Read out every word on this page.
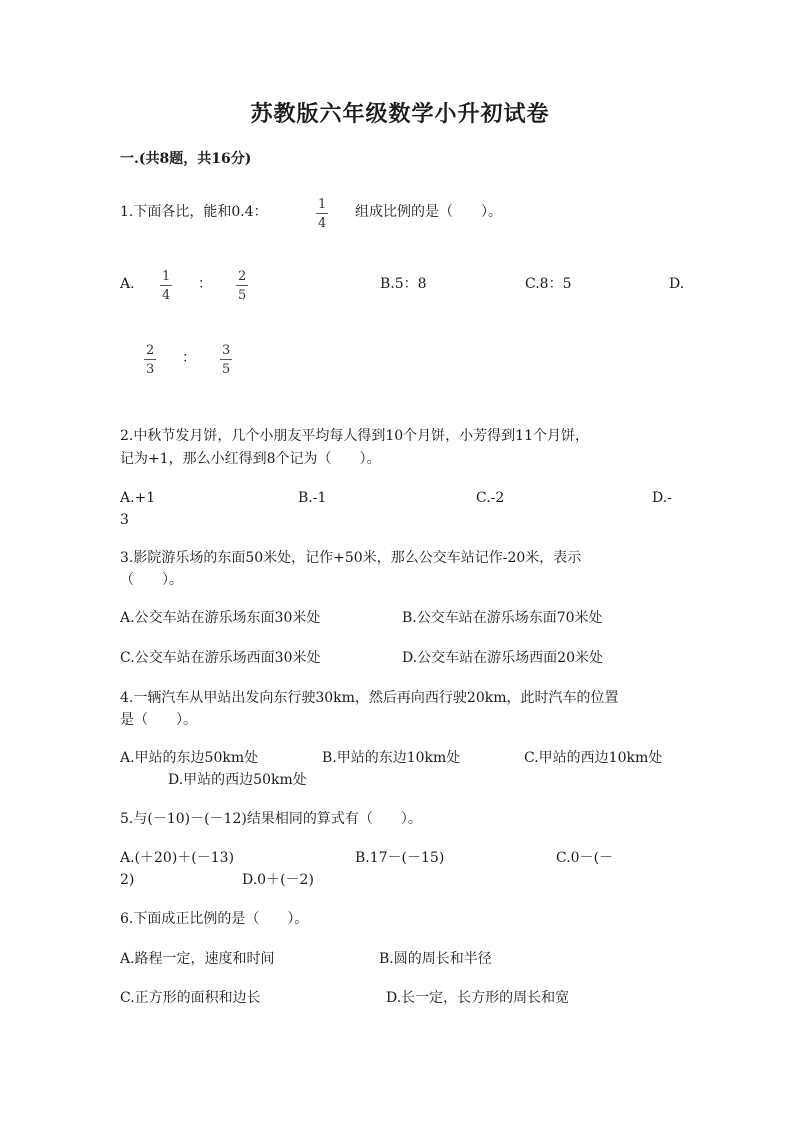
苏教版六年级数学小升初试卷
一.(共8题，共16分)
1.下面各比，能和0.4：	1
4
组成比例的是（　　）。
A. 1
4
： 2
5
B.5：8	C.8：5	D.
2
3
： 3
5
2.中秋节发月饼，几个小朋友平均每人得到10个月饼，小芳得到11个月饼，
记为+1，那么小红得到8个记为（　　）。
A.+1	B.-1	C.-2	D.-
3
3.影院游乐场的东面50米处，记作+50米，那么公交车站记作-20米，表示
（　　）。
A.公交车站在游乐场东面30米处	B.公交车站在游乐场东面70米处
C.公交车站在游乐场西面30米处	D.公交车站在游乐场西面20米处
4.一辆汽车从甲站出发向东行驶30km，然后再向西行驶20km，此时汽车的位置
是（　　）。
A.甲站的东边50km处	B.甲站的东边10km处	C.甲站的西边10km处
D.甲站的西边50km处
5.与(－10)－(－12)结果相同的算式有（　　）。
A.(＋20)＋(－13)	B.17－(－15)	C.0－(－
2)	D.0＋(－2)
6.下面成正比例的是（　　）。
A.路程一定，速度和时间	B.圆的周长和半径
C.正方形的面积和边长	D.长一定，长方形的周长和宽
